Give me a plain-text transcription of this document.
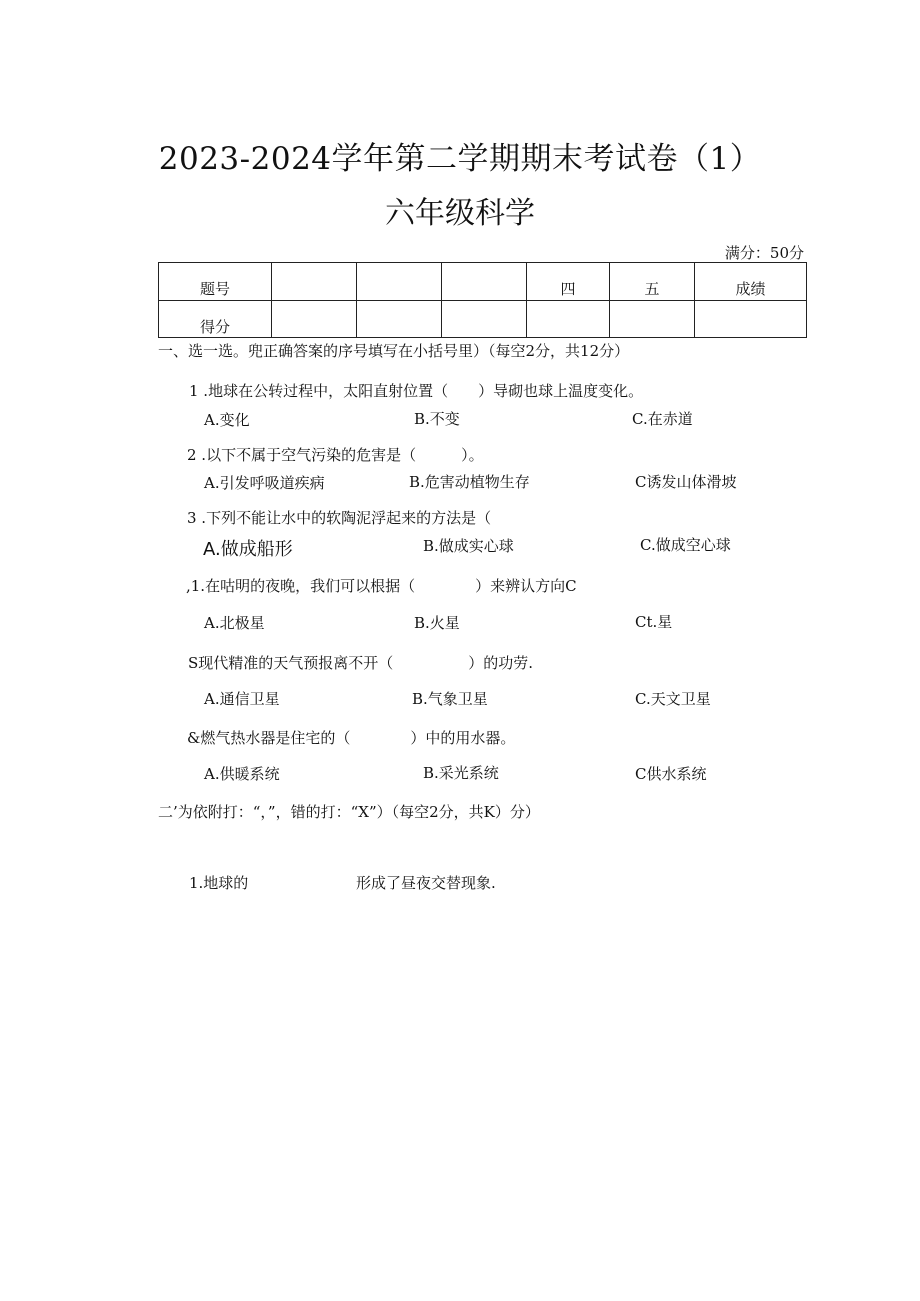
2023-2024学年第二学期期末考试卷（1）
六年级科学
满分：50分
题号				四	五	成绩
得分						
一、选一选。兜正确答案的序号填写在小括号里）（每空2分，共12分）
1 .地球在公转过程中，太阳直射位置（　　）导砌也球上温度变化。
A.变化	B.不变	C.在赤道
2 .以下不属于空气污染的危害是（　　　）。
A.引发呼吸道疾病	B.危害动植物生存	C诱发山体滑坡
3 .下列不能让水中的软陶泥浮起来的方法是（
A.做成船形	B.做成实心球	C.做成空心球
,1.在咕明的夜晚，我们可以根据（　　　　）来辨认方向C
A.北极星	B.火星	Ct.星
S现代精准的天气预报离不开（　　　　　）的功劳.
A.通信卫星	B.气象卫星	C.天文卫星
&燃气热水器是住宅的（　　　　）中的用水器。
A.供暖系统	B.采光系统	C供水系统
二’为依附打：“，”，错的打：“X”）（每空2分，共K）分）
1.地球的	形成了昼夜交替现象.
